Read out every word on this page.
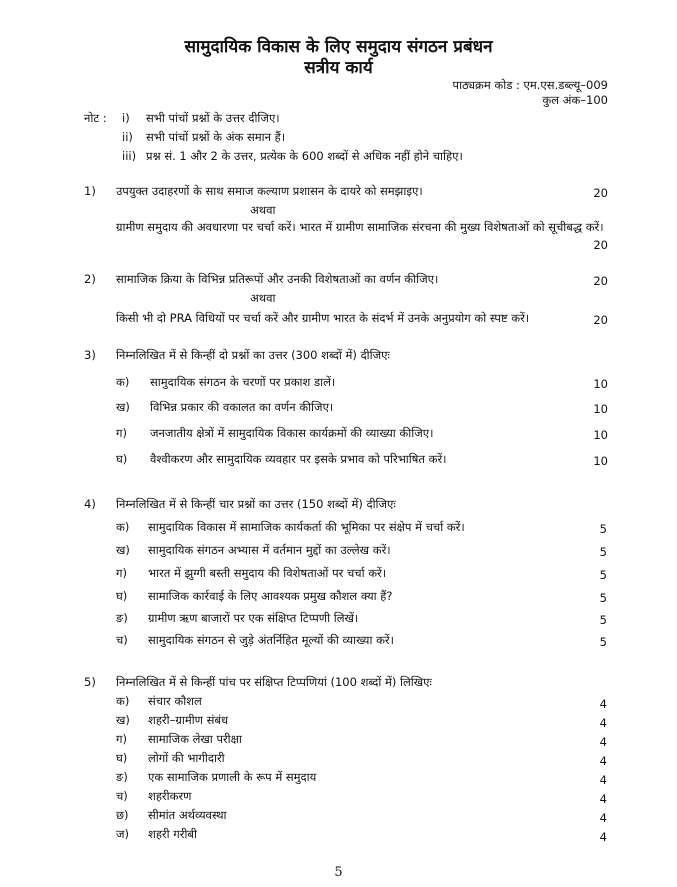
सामुदायिक विकास के लिए समुदाय संगठन प्रबंधन
सत्रीय कार्य
पाठ्यक्रम कोड : एम.एस.डब्ल्यू–009
कुल अंक–100
नोट : i) सभी पांचों प्रश्नों के उत्तर दीजिए।
ii) सभी पांचों प्रश्नों के अंक समान हैं।
iii) प्रश्न सं. 1 और 2 के उत्तर, प्रत्येक के 600 शब्दों से अधिक नहीं होने चाहिए।
1) उपयुक्त उदाहरणों के साथ समाज कल्याण प्रशासन के दायरे को समझाइए।	20
अथवा
ग्रामीण समुदाय की अवधारणा पर चर्चा करें। भारत में ग्रामीण सामाजिक संरचना की मुख्य विशेषताओं को सूचीबद्ध करें।
20
2) सामाजिक क्रिया के विभिन्न प्रतिरूपों और उनकी विशेषताओं का वर्णन कीजिए।	20
अथवा
किसी भी दो PRA विधियों पर चर्चा करें और ग्रामीण भारत के संदर्भ में उनके अनुप्रयोग को स्पष्ट करें।	20
3) निम्नलिखित में से किन्हीं दो प्रश्नों का उत्तर (300 शब्दों में) दीजिएः
क) सामुदायिक संगठन के चरणों पर प्रकाश डालें।	10
ख) विभिन्न प्रकार की वकालत का वर्णन कीजिए।	10
ग) जनजातीय क्षेत्रों में सामुदायिक विकास कार्यक्रमों की व्याख्या कीजिए।	10
घ) वैश्वीकरण और सामुदायिक व्यवहार पर इसके प्रभाव को परिभाषित करें।	10
4) निम्नलिखित में से किन्हीं चार प्रश्नों का उत्तर (150 शब्दों में) दीजिएः
क) सामुदायिक विकास में सामाजिक कार्यकर्ता की भूमिका पर संक्षेप में चर्चा करें।	5
ख) सामुदायिक संगठन अभ्यास में वर्तमान मुद्दों का उल्लेख करें।	5
ग) भारत में झुग्गी बस्ती समुदाय की विशेषताओं पर चर्चा करें।	5
घ) सामाजिक कार्रवाई के लिए आवश्यक प्रमुख कौशल क्या हैं?	5
ङ) ग्रामीण ऋण बाजारों पर एक संक्षिप्त टिप्पणी लिखें।	5
च) सामुदायिक संगठन से जुड़े अंतर्निहित मूल्यों की व्याख्या करें।	5
5) निम्नलिखित में से किन्हीं पांच पर संक्षिप्त टिप्पणियां (100 शब्दों में) लिखिएः
क) संचार कौशल	4
ख) शहरी–ग्रामीण संबंध	4
ग) सामाजिक लेखा परीक्षा	4
घ) लोगों की भागीदारी	4
ङ) एक सामाजिक प्रणाली के रूप में समुदाय	4
च) शहरीकरण	4
छ) सीमांत अर्थव्यवस्था	4
ज) शहरी गरीबी	4
5
